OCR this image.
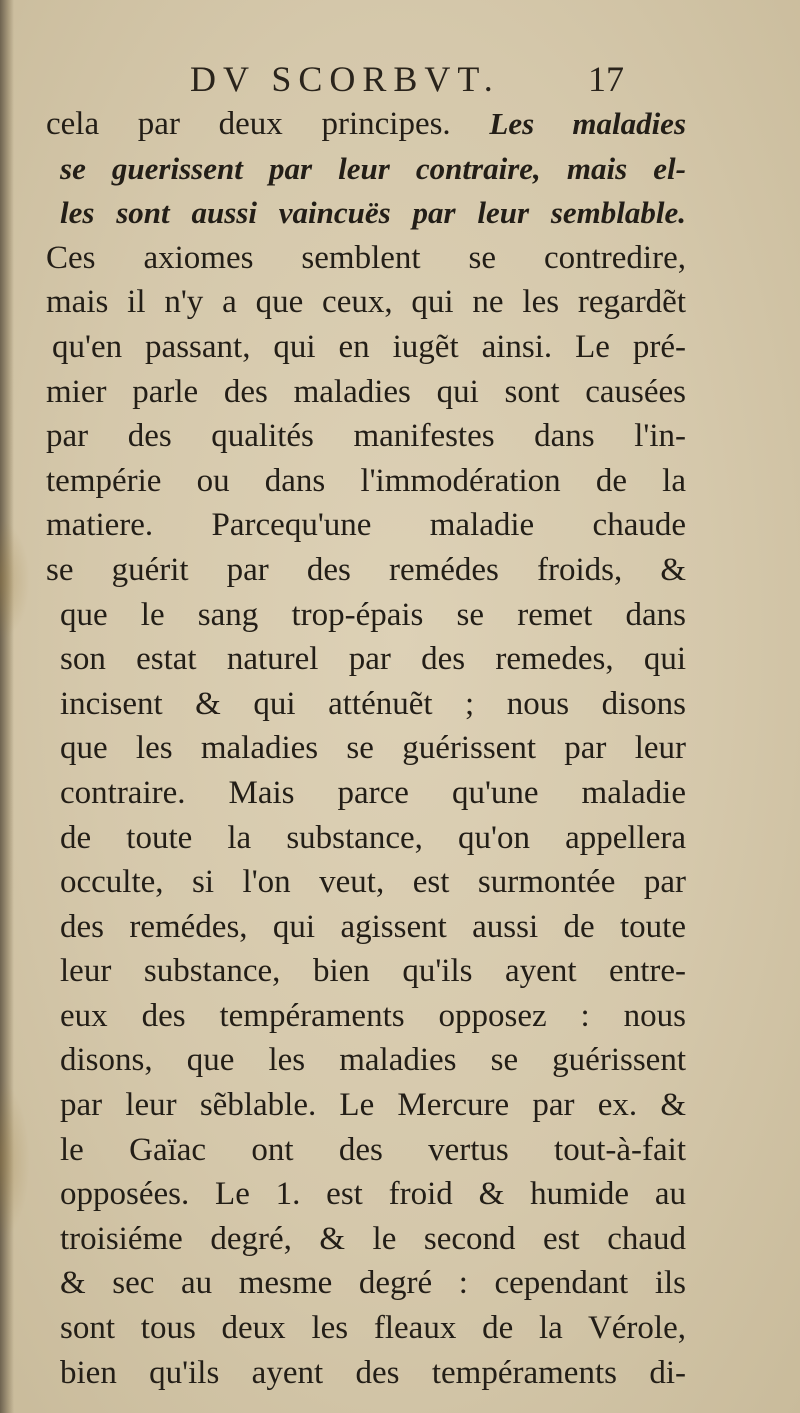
DV SCORBVT. 17
cela par deux principes. Les maladies
se guerissent par leur contraire, mais el-
les sont aussi vaincuës par leur semblable.
Ces axiomes semblent se contredire,
mais il n'y a que ceux, qui ne les regardẽt
qu'en passant, qui en iugẽt ainsi. Le pré-
mier parle des maladies qui sont causées
par des qualités manifestes dans l'in-
tempérie ou dans l'immodération de la
matiere. Parcequ'une maladie chaude
se guérit par des remédes froids, &
que le sang trop-épais se remet dans
son estat naturel par des remedes, qui
incisent & qui atténuẽt ; nous disons
que les maladies se guérissent par leur
contraire. Mais parce qu'une maladie
de toute la substance, qu'on appellera
occulte, si l'on veut, est surmontée par
des remédes, qui agissent aussi de toute
leur substance, bien qu'ils ayent entre-
eux des tempéraments opposez : nous
disons, que les maladies se guérissent
par leur sẽblable. Le Mercure par ex. &
le Gaïac ont des vertus tout-à-fait
opposées. Le 1. est froid & humide au
troisiéme degré, & le second est chaud
& sec au mesme degré : cependant ils
sont tous deux les fleaux de la Vérole,
bien qu'ils ayent des tempéraments di-
